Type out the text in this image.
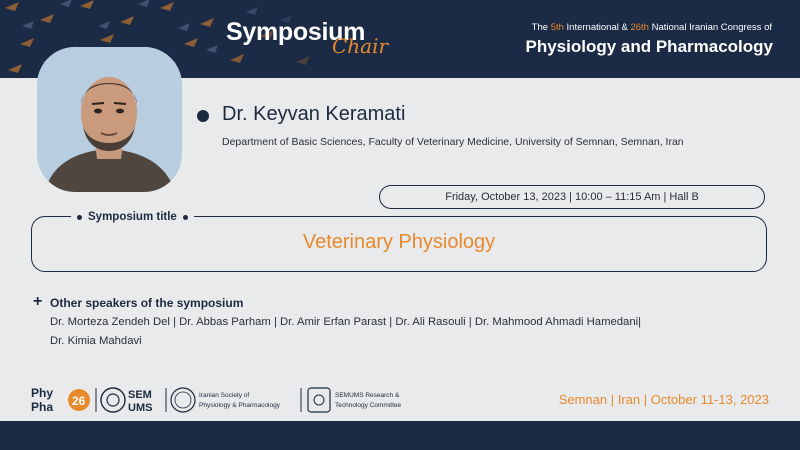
Symposium
Chair
The 5th International & 26th National Iranian Congress of
Physiology and Pharmacology
Dr. Keyvan Keramati
Department of Basic Sciences, Faculty of Veterinary Medicine, University of Semnan, Semnan, Iran
Friday, October 13, 2023 | 10:00 – 11:15 Am | Hall B
Symposium title
Veterinary Physiology
+ Other speakers of the symposium
Dr. Morteza Zendeh Del | Dr. Abbas Parham | Dr. Amir Erfan Parast | Dr. Ali Rasouli | Dr. Mahmood Ahmadi Hamedani|
Dr. Kimia Mahdavi
Phy
Pha 26	SEM
UMS
Iranian Society of
Physiology & Pharmacology
SEMUMS Research &
Technology Committee	Semnan | Iran | October 11-13, 2023
